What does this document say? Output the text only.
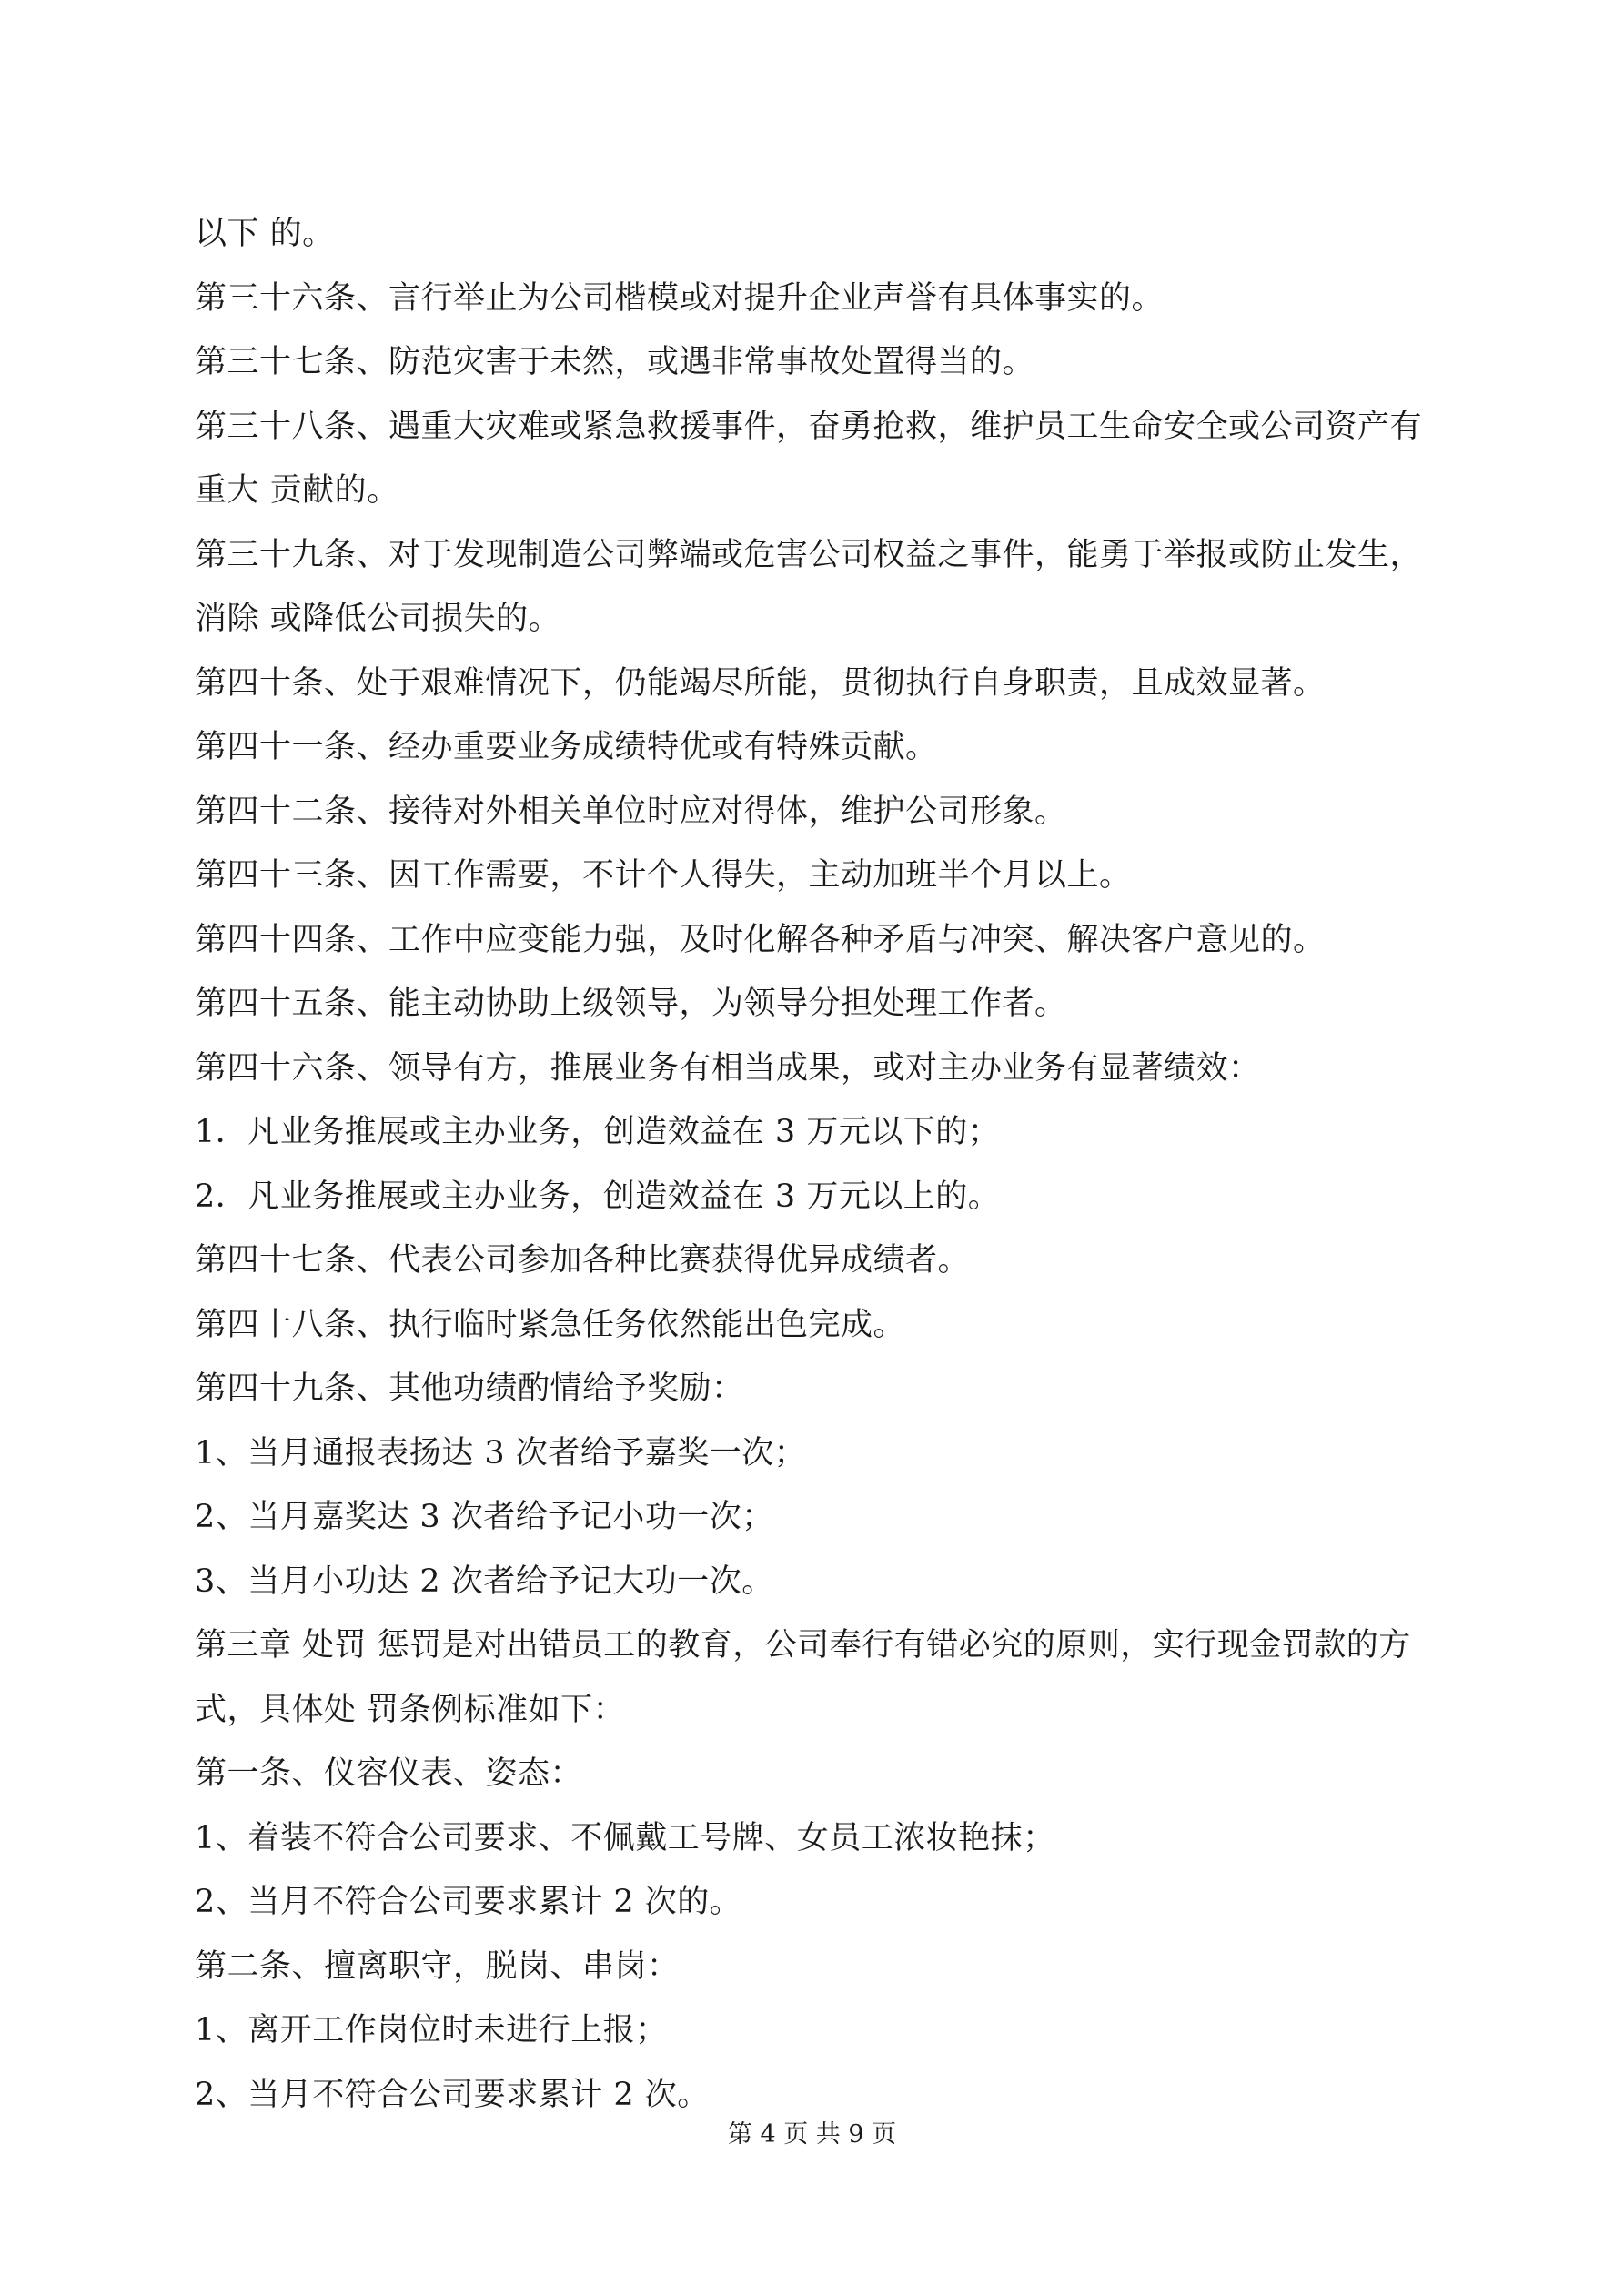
以下 的。
第三十六条、言行举止为公司楷模或对提升企业声誉有具体事实的。
第三十七条、防范灾害于未然，或遇非常事故处置得当的。
第三十八条、遇重大灾难或紧急救援事件，奋勇抢救，维护员工生命安全或公司资产有
重大 贡献的。
第三十九条、对于发现制造公司弊端或危害公司权益之事件，能勇于举报或防止发生，
消除 或降低公司损失的。
第四十条、处于艰难情况下，仍能竭尽所能，贯彻执行自身职责，且成效显著。
第四十一条、经办重要业务成绩特优或有特殊贡献。
第四十二条、接待对外相关单位时应对得体，维护公司形象。
第四十三条、因工作需要，不计个人得失，主动加班半个月以上。
第四十四条、工作中应变能力强，及时化解各种矛盾与冲突、解决客户意见的。
第四十五条、能主动协助上级领导，为领导分担处理工作者。
第四十六条、领导有方，推展业务有相当成果，或对主办业务有显著绩效：
1．凡业务推展或主办业务，创造效益在 3 万元以下的；
2．凡业务推展或主办业务，创造效益在 3 万元以上的。
第四十七条、代表公司参加各种比赛获得优异成绩者。
第四十八条、执行临时紧急任务依然能出色完成。
第四十九条、其他功绩酌情给予奖励：
1、当月通报表扬达 3 次者给予嘉奖一次；
2、当月嘉奖达 3 次者给予记小功一次；
3、当月小功达 2 次者给予记大功一次。
第三章 处罚 惩罚是对出错员工的教育，公司奉行有错必究的原则，实行现金罚款的方
式，具体处 罚条例标准如下：
第一条、仪容仪表、姿态：
1、着装不符合公司要求、不佩戴工号牌、女员工浓妆艳抹；
2、当月不符合公司要求累计 2 次的。
第二条、擅离职守，脱岗、串岗：
1、离开工作岗位时未进行上报；
2、当月不符合公司要求累计 2 次。
第 4 页 共 9 页
